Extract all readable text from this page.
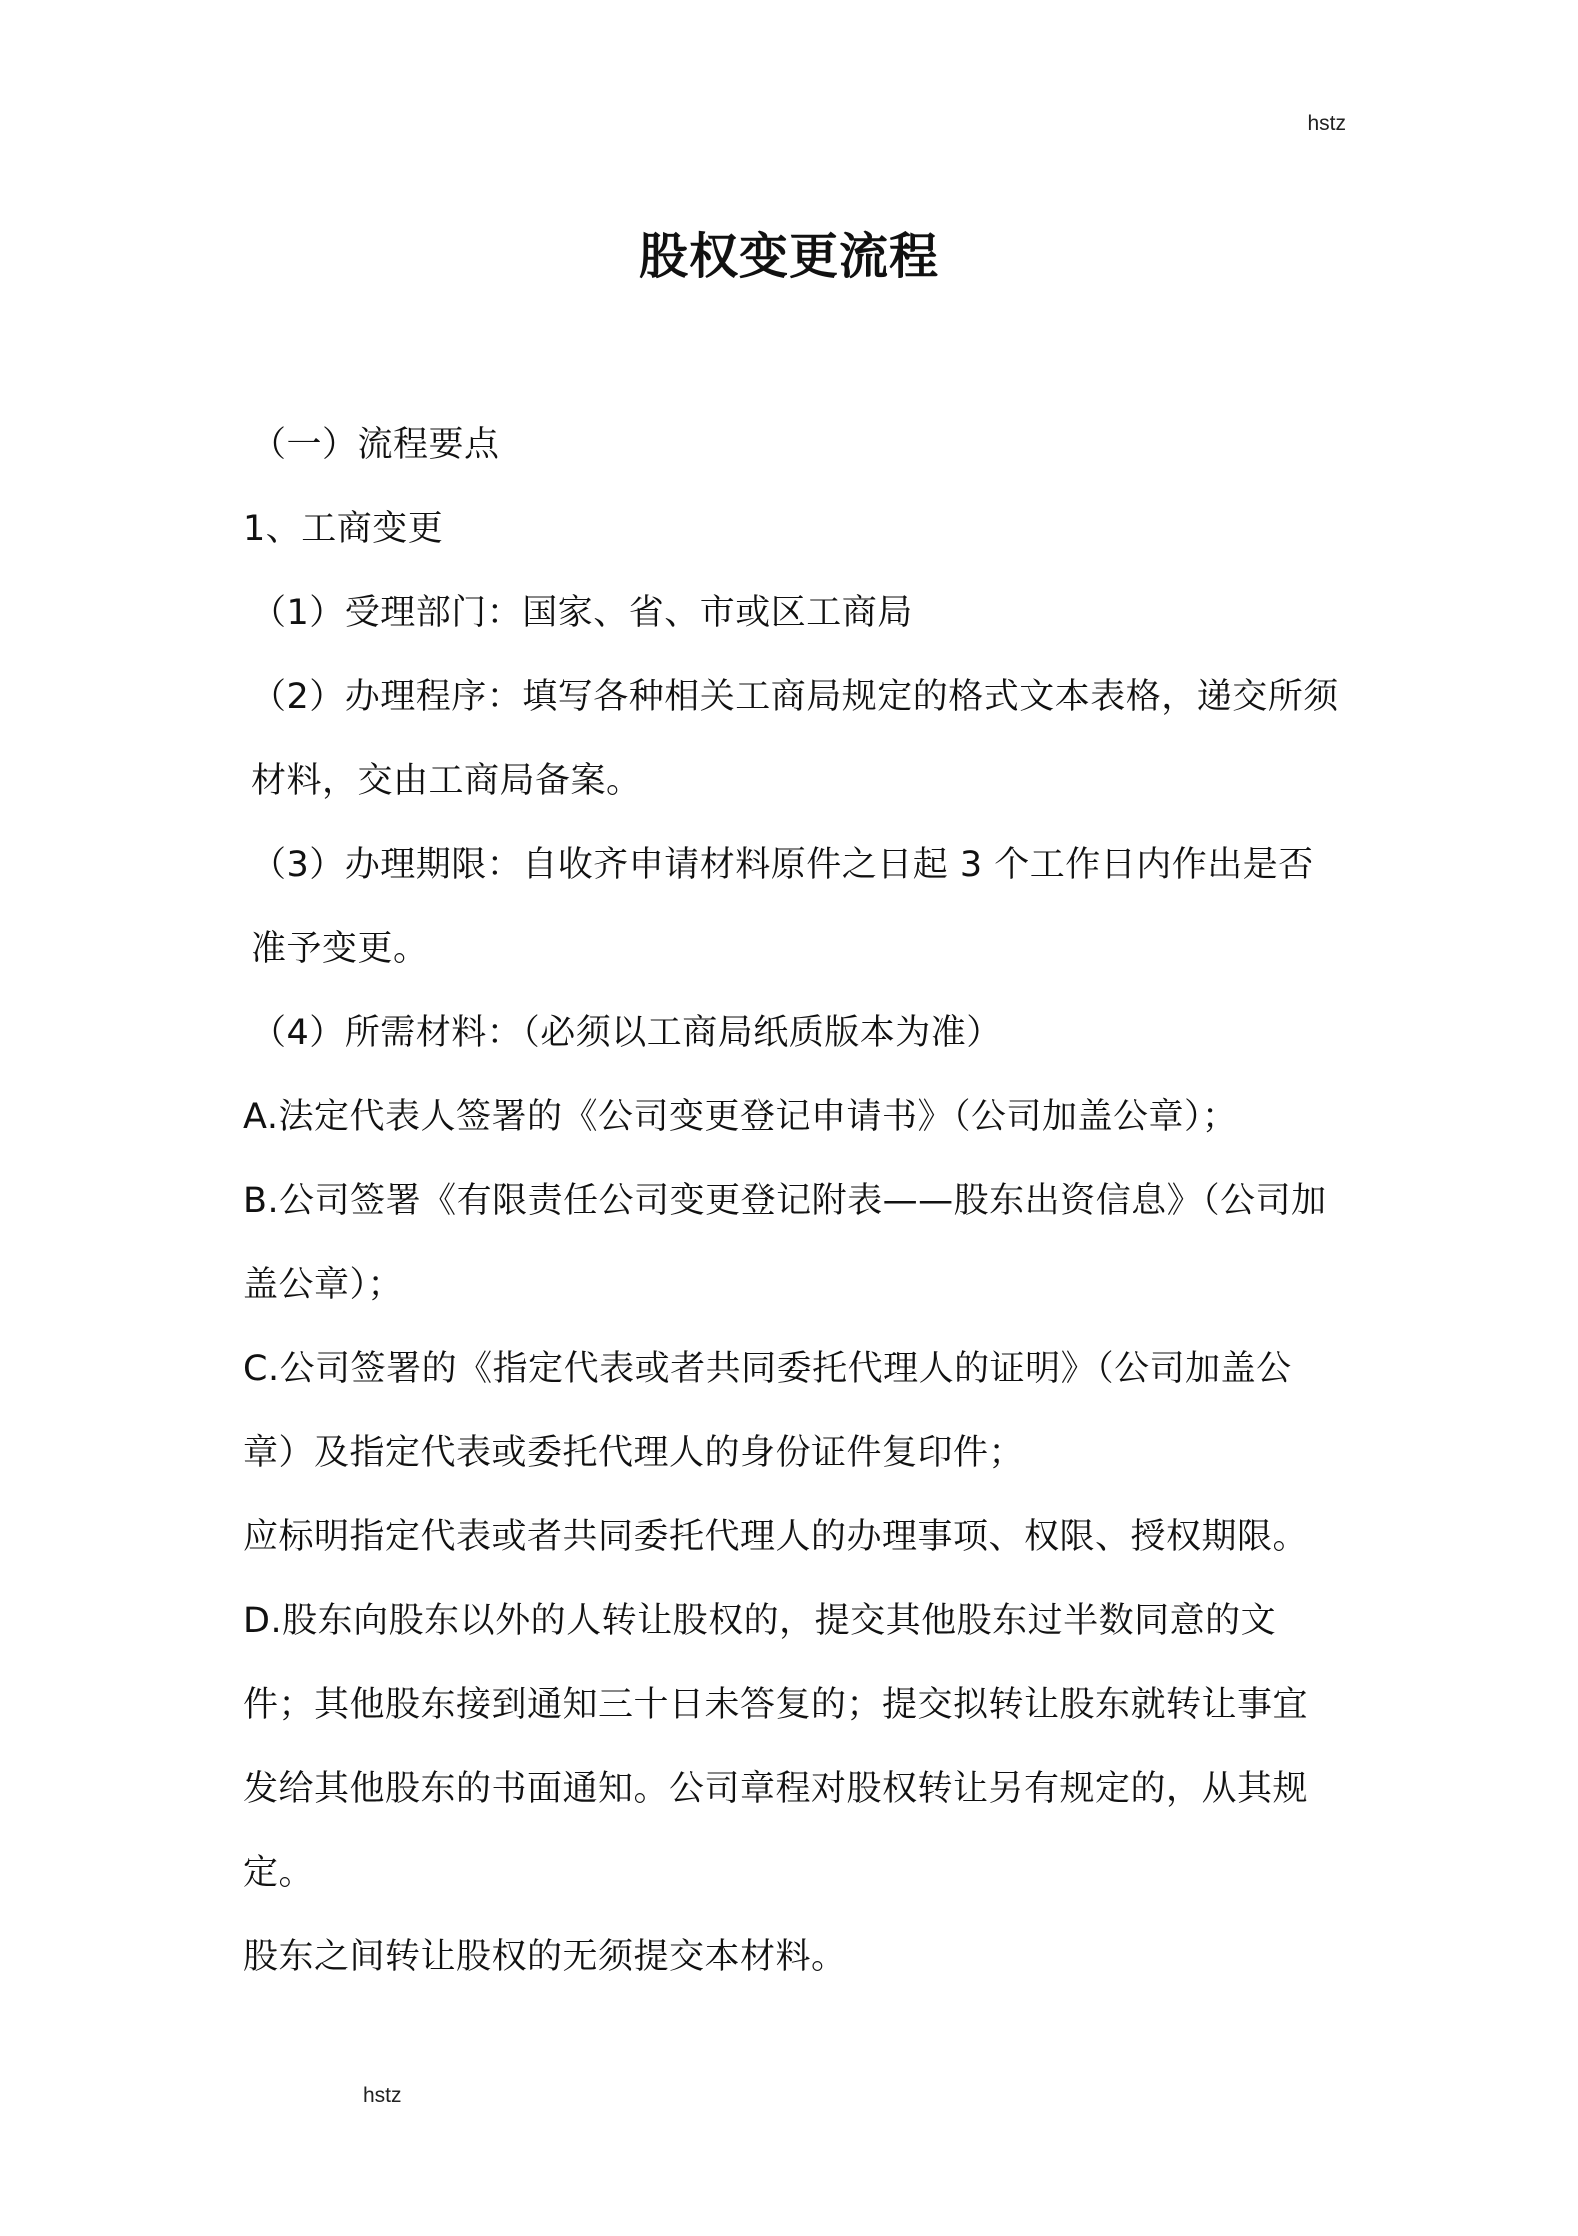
hstz
股权变更流程

（一）流程要点

1、工商变更

（1）受理部门：国家、省、市或区工商局

（2）办理程序：填写各种相关工商局规定的格式文本表格，递交所须材料，交由工商局备案。

（3）办理期限：自收齐申请材料原件之日起 3 个工作日内作出是否准予变更。

（4）所需材料：（必须以工商局纸质版本为准）

A.法定代表人签署的《公司变更登记申请书》（公司加盖公章）；

B.公司签署《有限责任公司变更登记附表——股东出资信息》（公司加盖公章）；

C.公司签署的《指定代表或者共同委托代理人的证明》（公司加盖公章）及指定代表或委托代理人的身份证件复印件；

应标明指定代表或者共同委托代理人的办理事项、权限、授权期限。

D.股东向股东以外的人转让股权的，提交其他股东过半数同意的文件；其他股东接到通知三十日未答复的；提交拟转让股东就转让事宜发给其他股东的书面通知。公司章程对股权转让另有规定的，从其规定。

股东之间转让股权的无须提交本材料。

hstz
